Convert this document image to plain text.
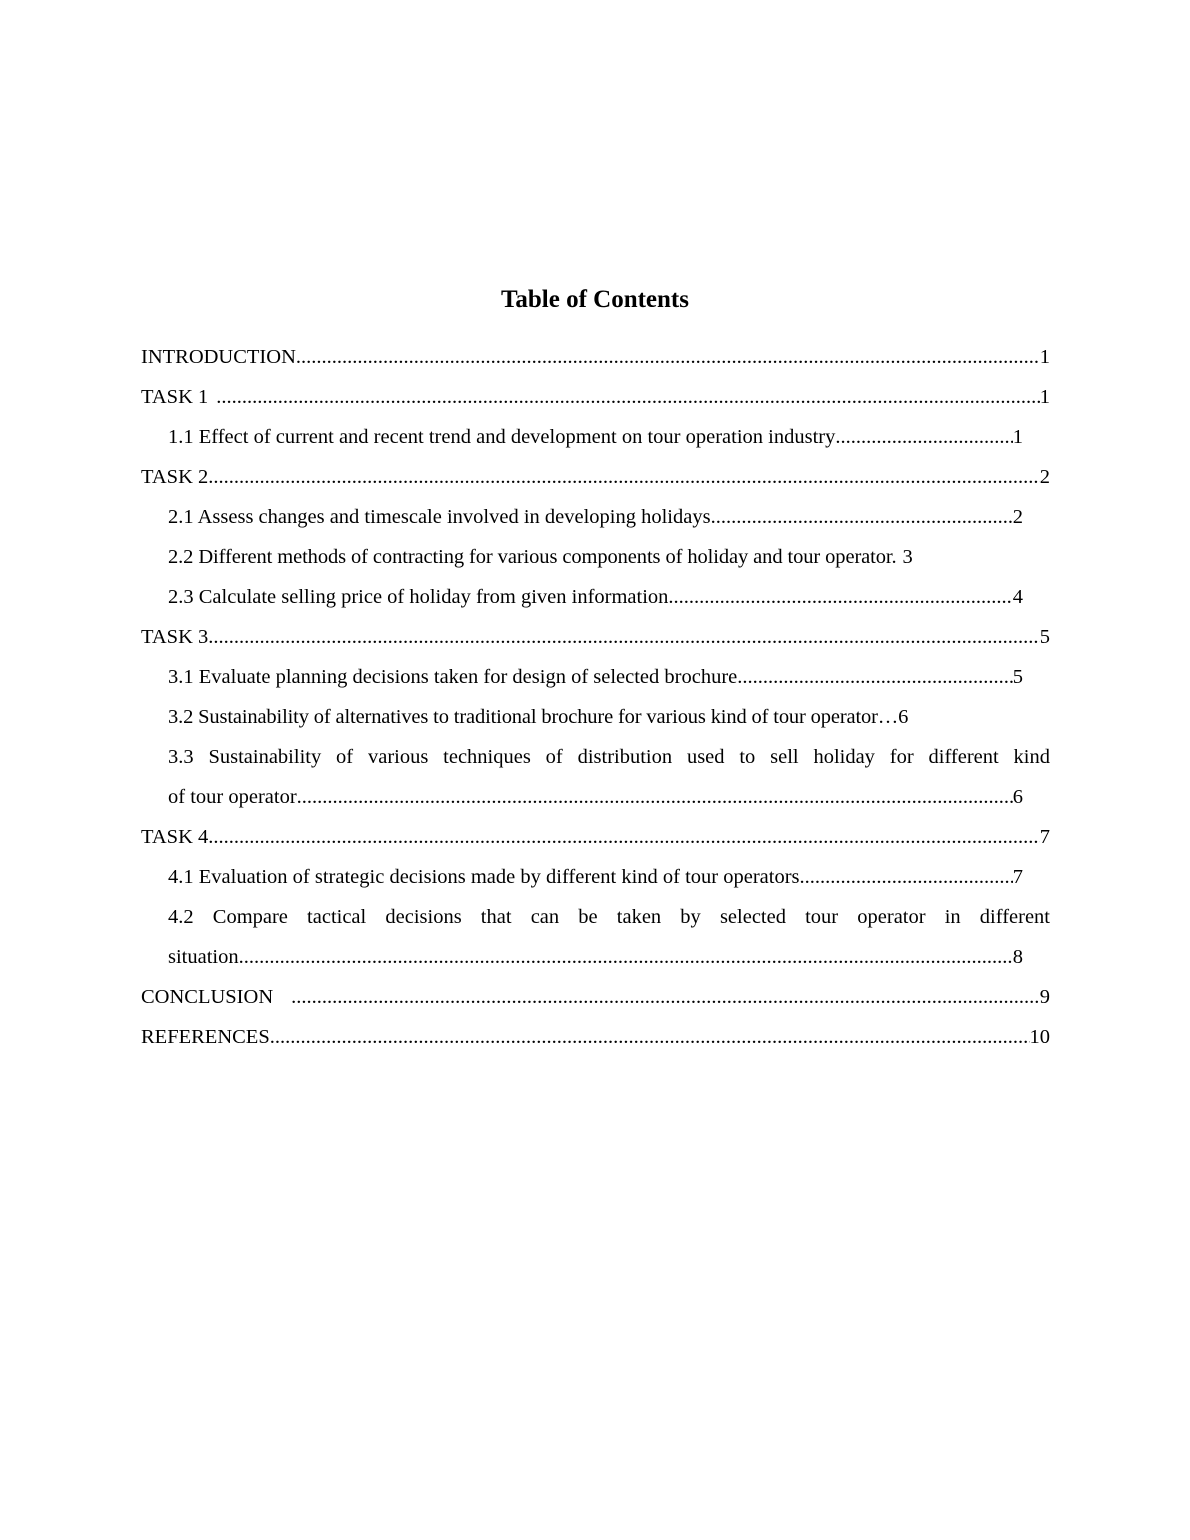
Table of Contents
INTRODUCTION .....	1
TASK 1 .....	1
1.1 Effect of current and recent trend and development on tour operation industry .....	1
TASK 2 .....	2
2.1 Assess changes and timescale involved in developing holidays .....	2
2.2 Different methods of contracting for various components of holiday and tour operator. 3
2.3 Calculate selling price of holiday from given information .....	4
TASK 3 .....	5
3.1 Evaluate planning decisions taken for design of selected brochure .....	5
3.2 Sustainability of alternatives to traditional brochure for various kind of tour operator… 6
3.3 Sustainability of various techniques of distribution used to sell holiday for different kind
of tour operator .....	6
TASK 4 .....	7
4.1 Evaluation of strategic decisions made by different kind of tour operators .....	7
4.2 Compare tactical decisions that can be taken by selected tour operator in different
situation .....	8
CONCLUSION .....	9
REFERENCES .....	10
